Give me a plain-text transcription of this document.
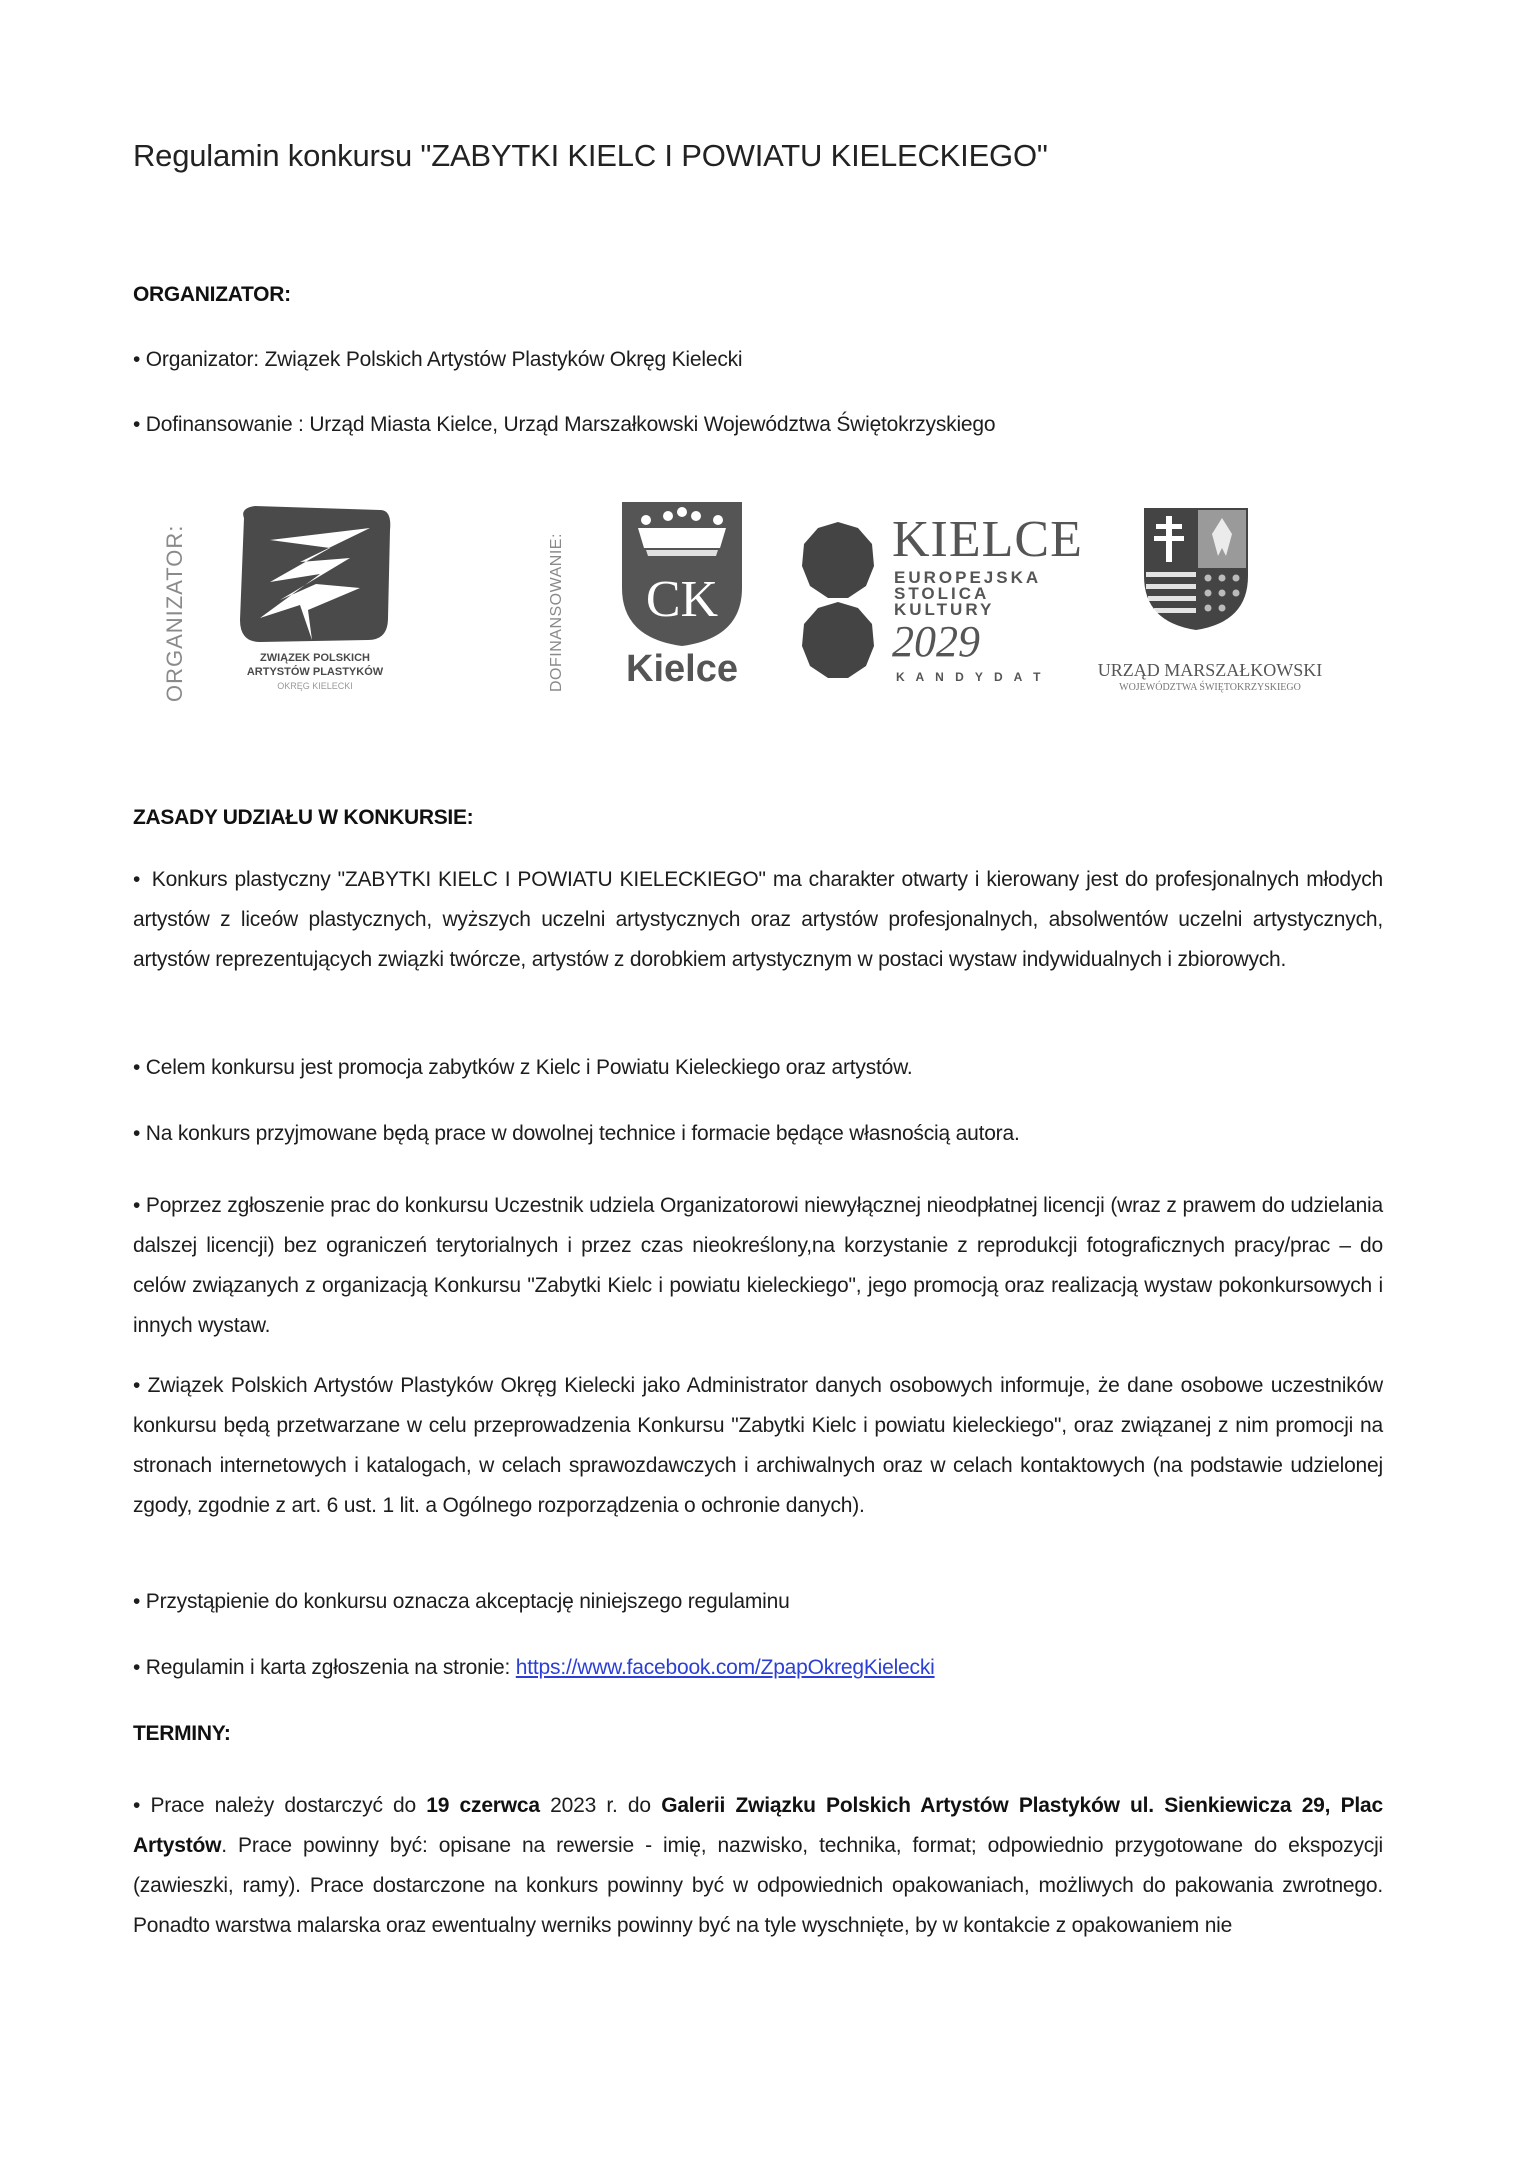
Regulamin konkursu "ZABYTKI KIELC I POWIATU KIELECKIEGO"
ORGANIZATOR:
• Organizator: Związek Polskich Artystów Plastyków Okręg Kielecki
• Dofinansowanie : Urząd Miasta Kielce, Urząd Marszałkowski Województwa Świętokrzyskiego
ORGANIZATOR:	ZWIĄZEK POLSKICH
ARTYSTÓW PLASTYKÓW
OKRĘG KIELECKI	DOFINANSOWANIE: CK
Kielce
KIELCE
EUROPEJSKA
STOLICA
KULTURY
2029
K A N D Y D A T	URZĄD MARSZAŁKOWSKI
WOJEWÓDZTWA ŚWIĘTOKRZYSKIEGO
ZASADY UDZIAŁU W KONKURSIE:
• Konkurs plastyczny "ZABYTKI KIELC I POWIATU KIELECKIEGO" ma charakter otwarty i kierowany jest do profesjonalnych młodych artystów z liceów plastycznych, wyższych uczelni artystycznych oraz artystów profesjonalnych, absolwentów uczelni artystycznych, artystów reprezentujących związki twórcze, artystów z dorobkiem artystycznym w postaci wystaw indywidualnych i zbiorowych.
• Celem konkursu jest promocja zabytków z Kielc i Powiatu Kieleckiego oraz artystów.
• Na konkurs przyjmowane będą prace w dowolnej technice i formacie będące własnością autora.
• Poprzez zgłoszenie prac do konkursu Uczestnik udziela Organizatorowi niewyłącznej nieodpłatnej licencji (wraz z prawem do udzielania dalszej licencji) bez ograniczeń terytorialnych i przez czas nieokreślony,na korzystanie z reprodukcji fotograficznych pracy/prac – do celów związanych z organizacją Konkursu "Zabytki Kielc i powiatu kieleckiego", jego promocją oraz realizacją wystaw pokonkursowych i innych wystaw.
• Związek Polskich Artystów Plastyków Okręg Kielecki jako Administrator danych osobowych informuje, że dane osobowe uczestników konkursu będą przetwarzane w celu przeprowadzenia Konkursu "Zabytki Kielc i powiatu kieleckiego", oraz związanej z nim promocji na stronach internetowych i katalogach, w celach sprawozdawczych i archiwalnych oraz w celach kontaktowych (na podstawie udzielonej zgody, zgodnie z art. 6 ust. 1 lit. a Ogólnego rozporządzenia o ochronie danych).
• Przystąpienie do konkursu oznacza akceptację niniejszego regulaminu
• Regulamin i karta zgłoszenia na stronie: https://www.facebook.com/ZpapOkregKielecki
TERMINY:
• Prace należy dostarczyć do 19 czerwca 2023 r. do Galerii Związku Polskich Artystów Plastyków ul. Sienkiewicza 29, Plac Artystów. Prace powinny być: opisane na rewersie - imię, nazwisko, technika, format; odpowiednio przygotowane do ekspozycji (zawieszki, ramy). Prace dostarczone na konkurs powinny być w odpowiednich opakowaniach, możliwych do pakowania zwrotnego. Ponadto warstwa malarska oraz ewentualny werniks powinny być na tyle wyschnięte, by w kontakcie z opakowaniem nie
